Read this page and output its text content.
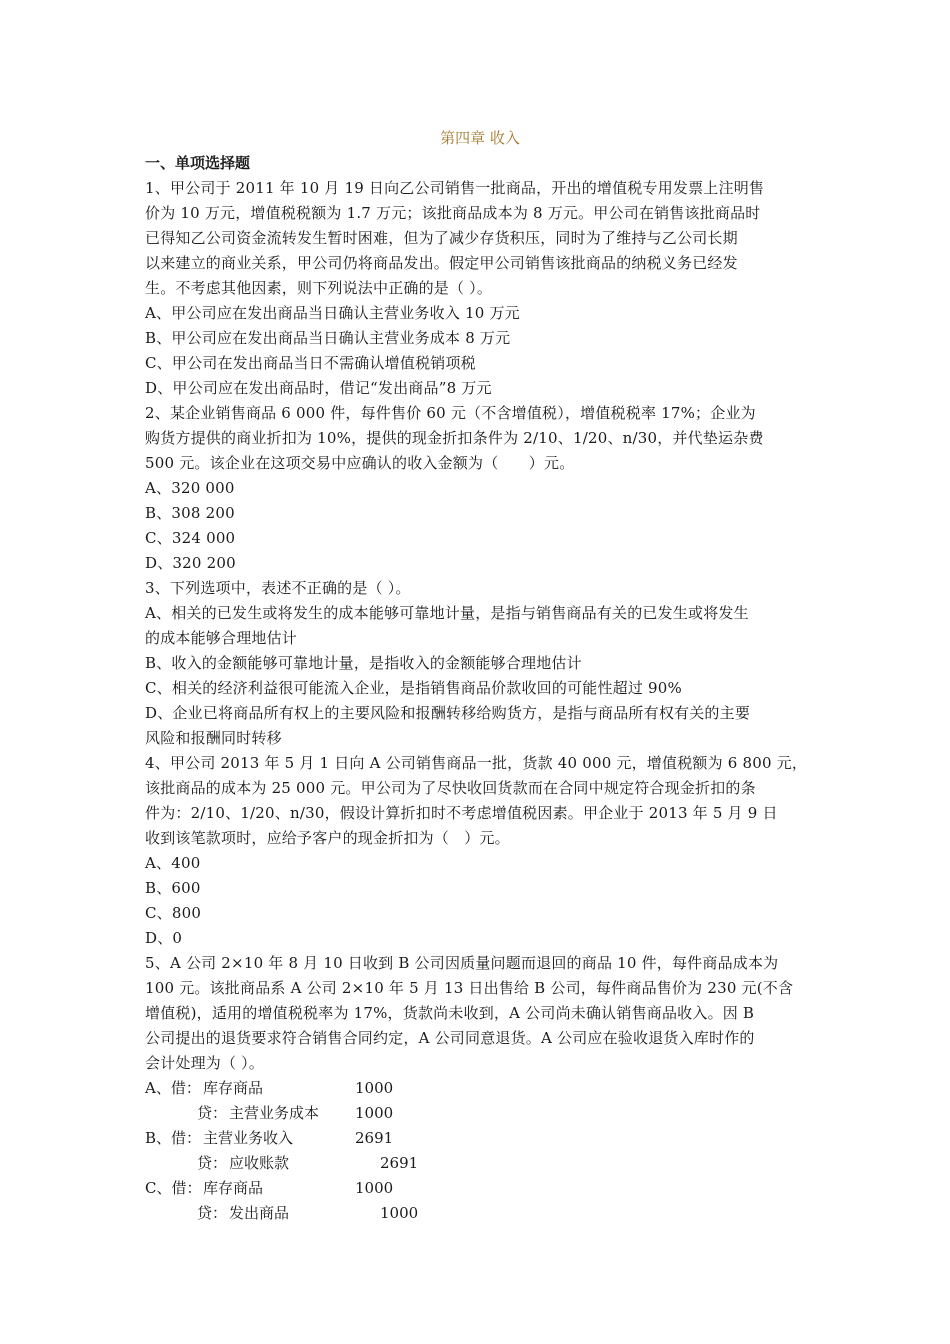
第四章 收入

一、单项选择题

1、甲公司于 2011 年 10 月 19 日向乙公司销售一批商品，开出的增值税专用发票上注明售

价为 10 万元，增值税税额为 1.7 万元；该批商品成本为 8 万元。甲公司在销售该批商品时

已得知乙公司资金流转发生暂时困难，但为了减少存货积压，同时为了维持与乙公司长期

以来建立的商业关系，甲公司仍将商品发出。假定甲公司销售该批商品的纳税义务已经发

生。不考虑其他因素，则下列说法中正确的是（ ）。

A、甲公司应在发出商品当日确认主营业务收入 10 万元

B、甲公司应在发出商品当日确认主营业务成本 8 万元

C、甲公司在发出商品当日不需确认增值税销项税

D、甲公司应在发出商品时，借记“发出商品”8 万元

2、某企业销售商品 6 000 件，每件售价 60 元（不含增值税），增值税税率 17%；企业为

购货方提供的商业折扣为 10%，提供的现金折扣条件为 2/10、1/20、n/30，并代垫运杂费

500 元。该企业在这项交易中应确认的收入金额为（　　）元。

A、320 000

B、308 200

C、324 000

D、320 200

3、下列选项中，表述不正确的是（ ）。

A、相关的已发生或将发生的成本能够可靠地计量，是指与销售商品有关的已发生或将发生

的成本能够合理地估计

B、收入的金额能够可靠地计量，是指收入的金额能够合理地估计

C、相关的经济利益很可能流入企业，是指销售商品价款收回的可能性超过 90%

D、企业已将商品所有权上的主要风险和报酬转移给购货方，是指与商品所有权有关的主要

风险和报酬同时转移

4、甲公司 2013 年 5 月 1 日向 A 公司销售商品一批，货款 40 000 元，增值税额为 6 800 元，

该批商品的成本为 25 000 元。甲公司为了尽快收回货款而在合同中规定符合现金折扣的条

件为：2/10、1/20、n/30，假设计算折扣时不考虑增值税因素。甲企业于 2013 年 5 月 9 日

收到该笔款项时，应给予客户的现金折扣为（　）元。

A、400

B、600

C、800

D、0

5、A 公司 2×10 年 8 月 10 日收到 B 公司因质量问题而退回的商品 10 件，每件商品成本为

100 元。该批商品系 A 公司 2×10 年 5 月 13 日出售给 B 公司，每件商品售价为 230 元(不含

增值税)，适用的增值税税率为 17%，货款尚未收到，A 公司尚未确认销售商品收入。因 B

公司提出的退货要求符合销售合同约定，A 公司同意退货。A 公司应在验收退货入库时作的

会计处理为（ ）。

A、借： 库存商品	1000
贷： 主营业务成本 1000
B、借： 主营业务收入	2691
贷： 应收账款	2691
C、借： 库存商品	1000
贷： 发出商品	1000
